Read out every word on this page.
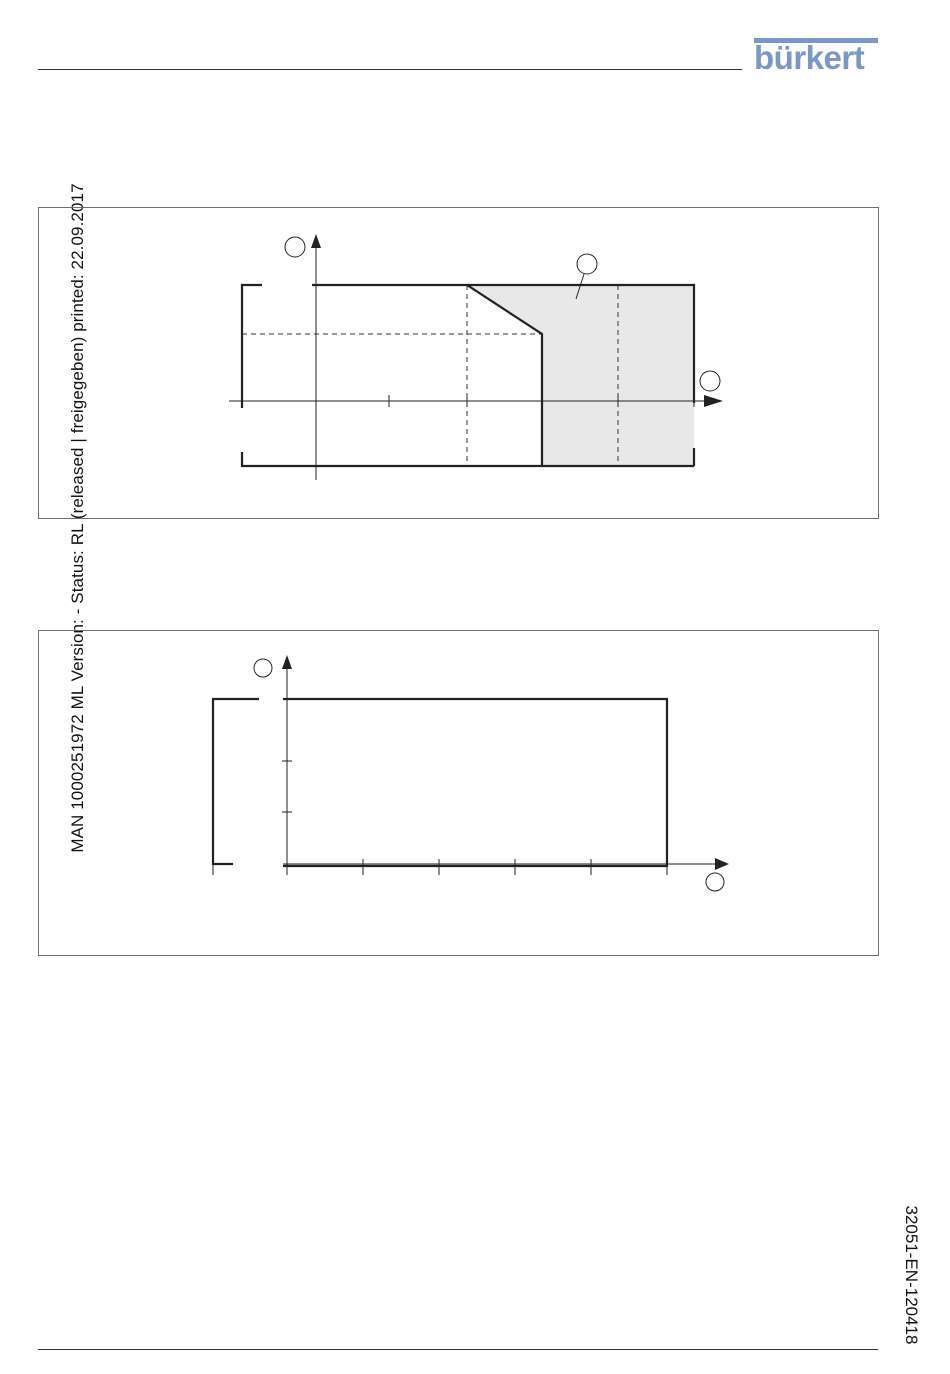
bürkert
MAN 1000251972 ML Version: - Status: RL (released | freigegeben) printed: 22.09.2017
32051-EN-120418
